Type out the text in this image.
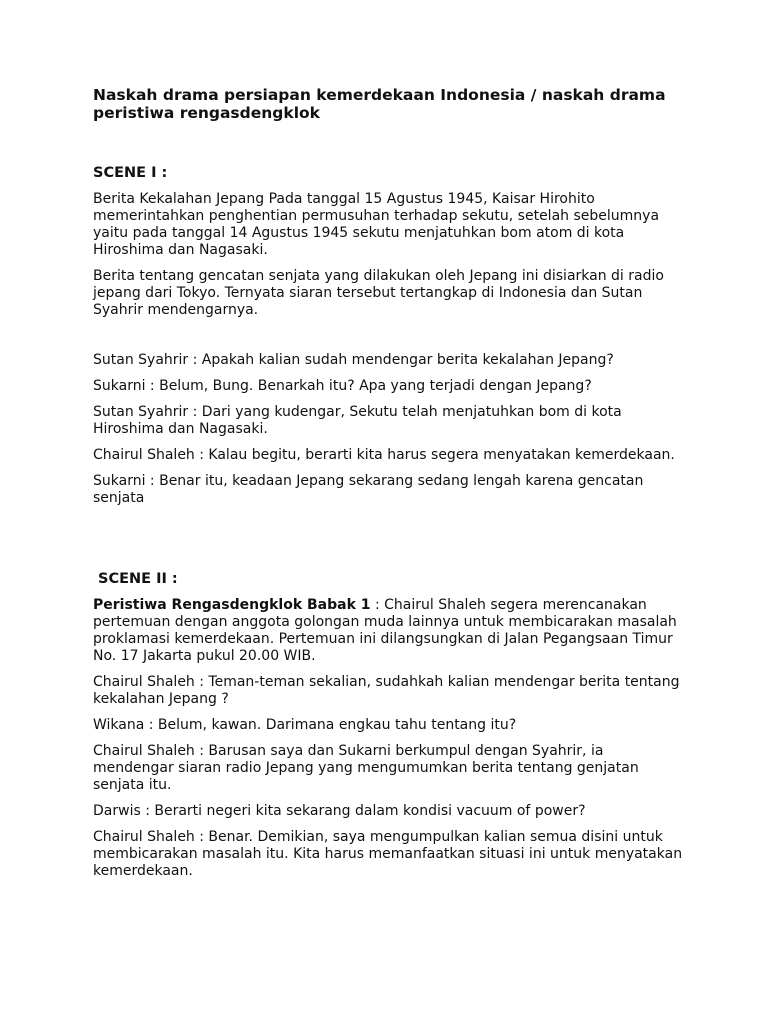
Naskah drama persiapan kemerdekaan Indonesia / naskah drama peristiwa rengasdengklok
SCENE I :

Berita Kekalahan Jepang Pada tanggal 15 Agustus 1945, Kaisar Hirohito memerintahkan penghentian permusuhan terhadap sekutu, setelah sebelumnya yaitu pada tanggal 14 Agustus 1945 sekutu menjatuhkan bom atom di kota Hiroshima dan Nagasaki.

Berita tentang gencatan senjata yang dilakukan oleh Jepang ini disiarkan di radio jepang dari Tokyo. Ternyata siaran tersebut tertangkap di Indonesia dan Sutan Syahrir mendengarnya.

Sutan Syahrir : Apakah kalian sudah mendengar berita kekalahan Jepang?

Sukarni : Belum, Bung. Benarkah itu? Apa yang terjadi dengan Jepang?

Sutan Syahrir : Dari yang kudengar, Sekutu telah menjatuhkan bom di kota Hiroshima dan Nagasaki.

Chairul Shaleh : Kalau begitu, berarti kita harus segera menyatakan kemerdekaan.

Sukarni : Benar itu, keadaan Jepang sekarang sedang lengah karena gencatan senjata

SCENE II :

Peristiwa Rengasdengklok Babak 1 : Chairul Shaleh segera merencanakan pertemuan dengan anggota golongan muda lainnya untuk membicarakan masalah proklamasi kemerdekaan. Pertemuan ini dilangsungkan di Jalan Pegangsaan Timur No. 17 Jakarta pukul 20.00 WIB.

Chairul Shaleh : Teman-teman sekalian, sudahkah kalian mendengar berita tentang kekalahan Jepang ?

Wikana : Belum, kawan. Darimana engkau tahu tentang itu?

Chairul Shaleh : Barusan saya dan Sukarni berkumpul dengan Syahrir, ia mendengar siaran radio Jepang yang mengumumkan berita tentang genjatan senjata itu.

Darwis : Berarti negeri kita sekarang dalam kondisi vacuum of power?

Chairul Shaleh : Benar. Demikian, saya mengumpulkan kalian semua disini untuk membicarakan masalah itu. Kita harus memanfaatkan situasi ini untuk menyatakan kemerdekaan.
